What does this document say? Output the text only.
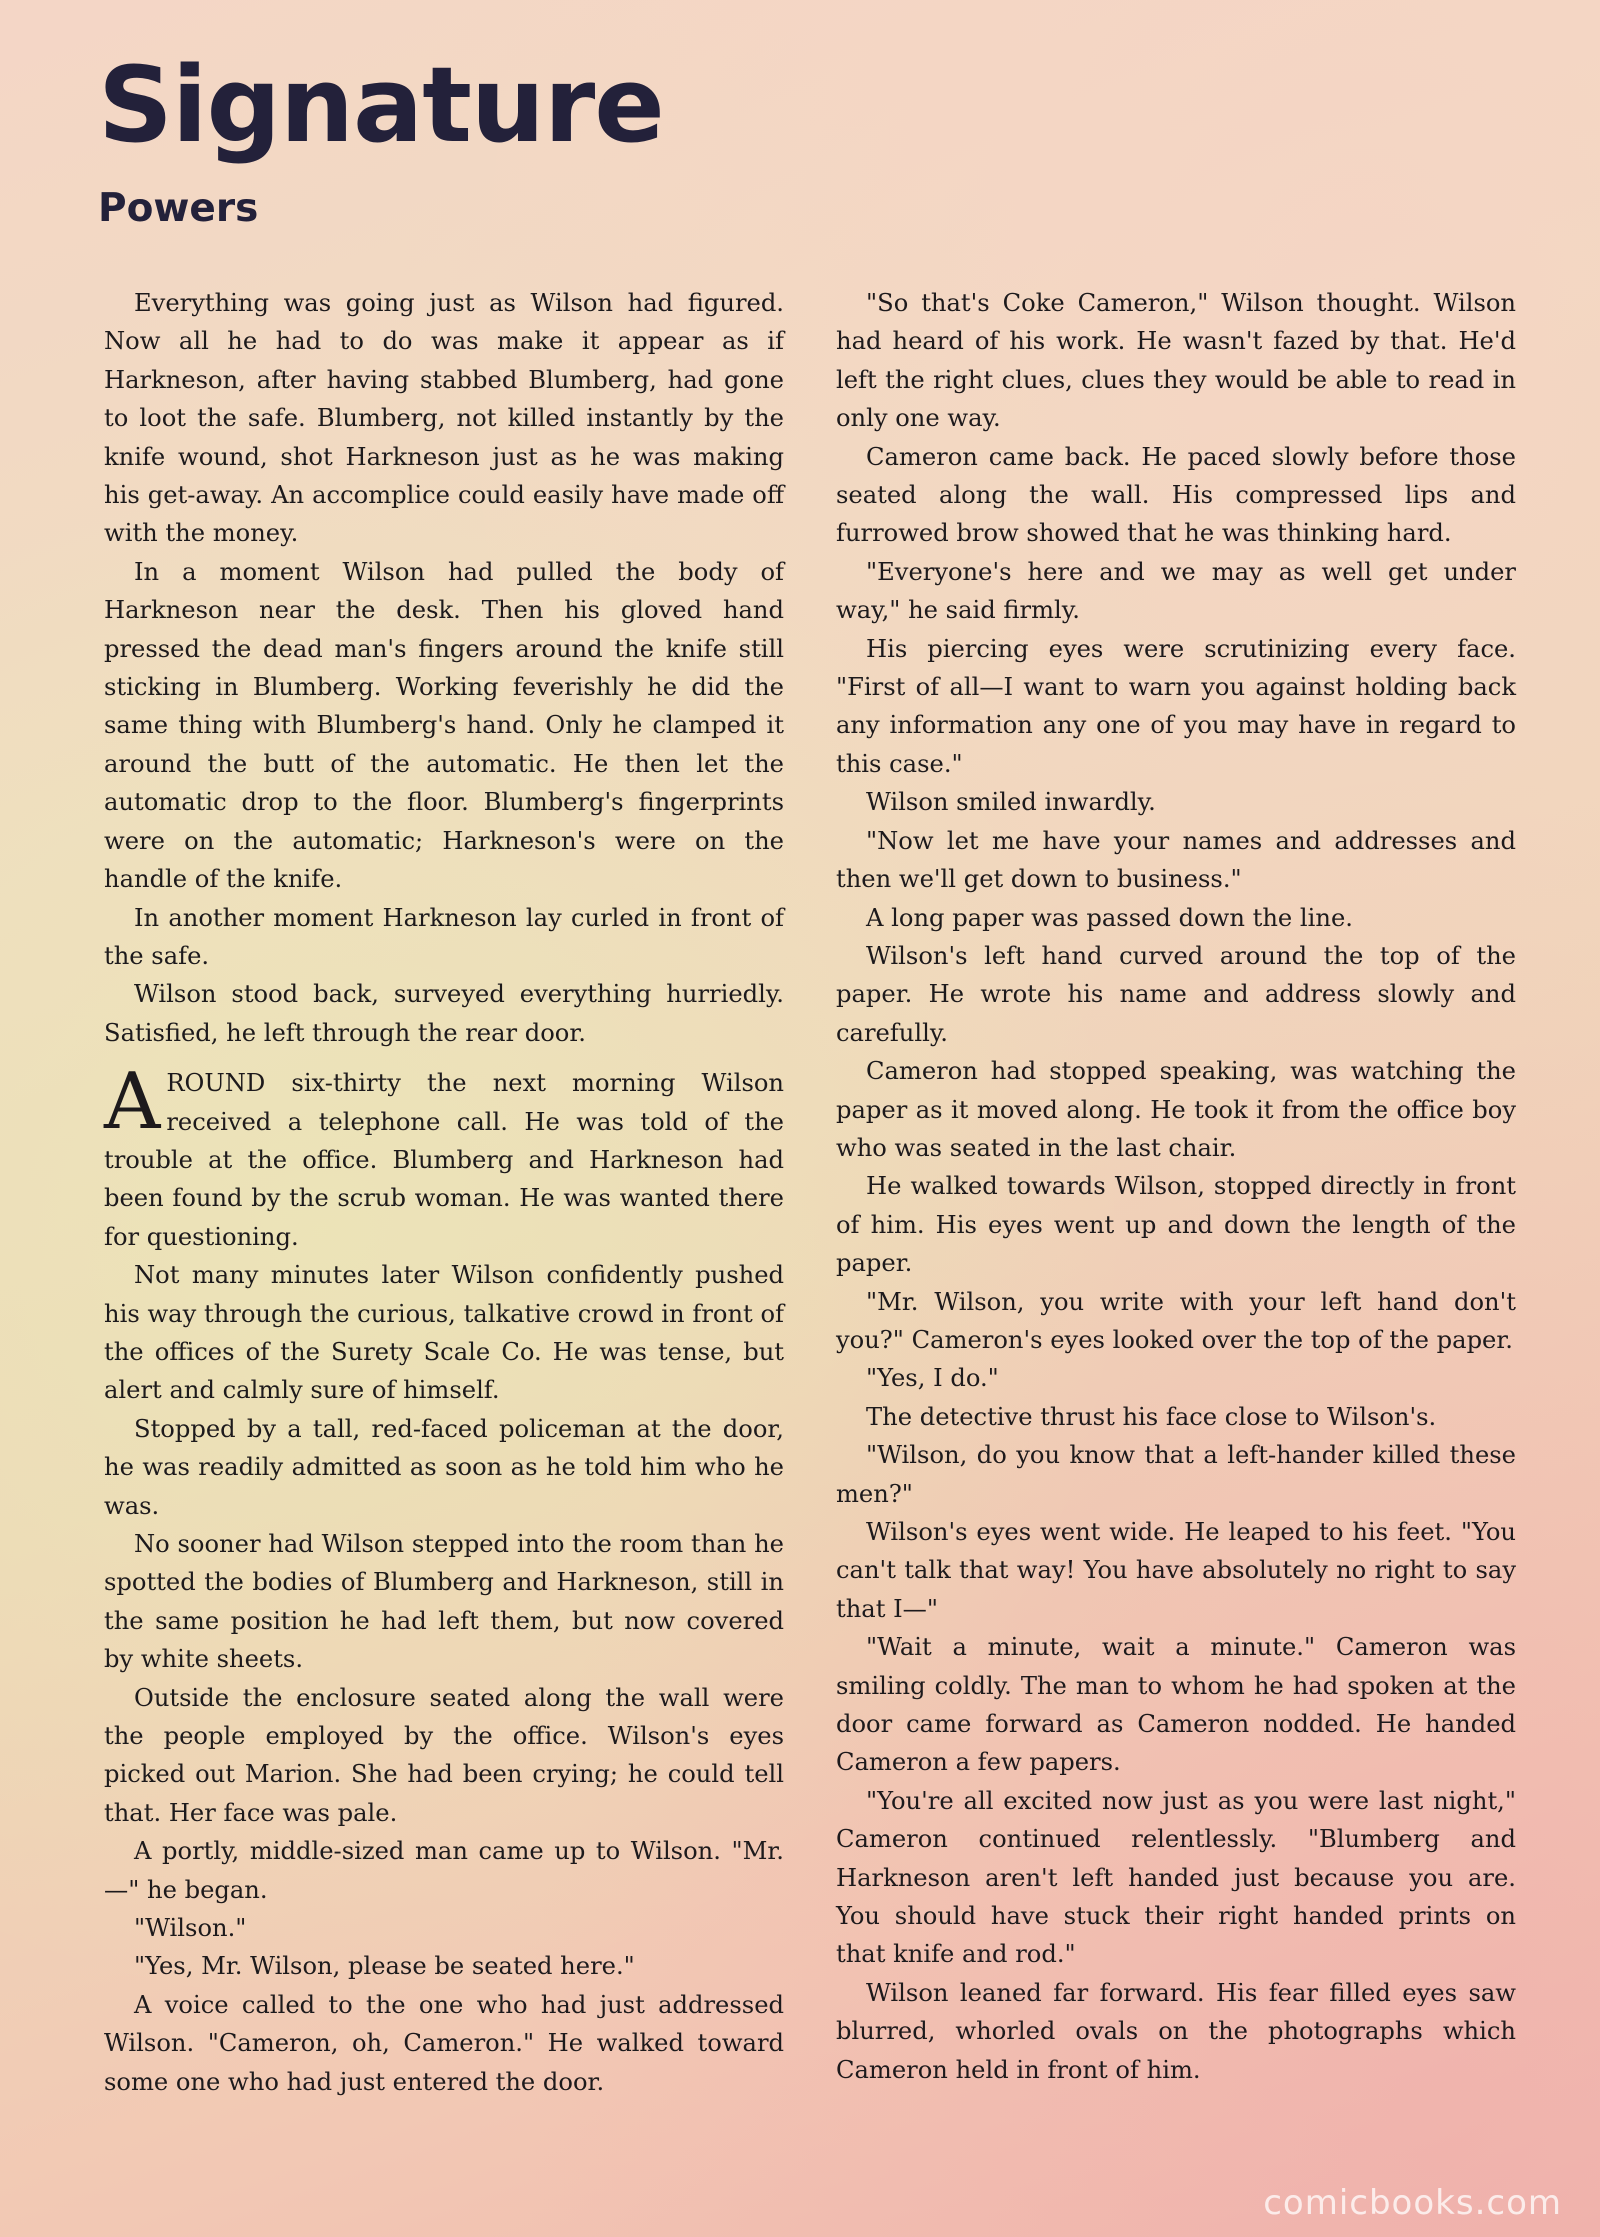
Signature
Powers

Everything was going just as Wilson had figured. Now all he had to do was make it appear as if Harkneson, after having stabbed Blumberg, had gone to loot the safe. Blumberg, not killed instantly by the knife wound, shot Harkneson just as he was making his get-away. An accomplice could easily have made off with the money.

In a moment Wilson had pulled the body of Harkneson near the desk. Then his gloved hand pressed the dead man's fingers around the knife still sticking in Blumberg. Working feverishly he did the same thing with Blumberg's hand. Only he clamped it around the butt of the automatic. He then let the automatic drop to the floor. Blumberg's fingerprints were on the automatic; Harkneson's were on the handle of the knife.

In another moment Harkneson lay curled in front of the safe.

Wilson stood back, surveyed everything hurriedly. Satisfied, he left through the rear door.

AROUND six-thirty the next morning Wilson received a telephone call. He was told of the trouble at the office. Blumberg and Harkneson had been found by the scrub woman. He was wanted there for questioning.

Not many minutes later Wilson confidently pushed his way through the curious, talkative crowd in front of the offices of the Surety Scale Co. He was tense, but alert and calmly sure of himself.

Stopped by a tall, red-faced policeman at the door, he was readily admitted as soon as he told him who he was.

No sooner had Wilson stepped into the room than he spotted the bodies of Blumberg and Harkneson, still in the same position he had left them, but now covered by white sheets.

Outside the enclosure seated along the wall were the people employed by the office. Wilson's eyes picked out Marion. She had been crying; he could tell that. Her face was pale.

A portly, middle-sized man came up to Wilson. "Mr.—" he began.

"Wilson."

"Yes, Mr. Wilson, please be seated here."

A voice called to the one who had just addressed Wilson. "Cameron, oh, Cameron." He walked toward some one who had just entered the door.

"So that's Coke Cameron," Wilson thought. Wilson had heard of his work. He wasn't fazed by that. He'd left the right clues, clues they would be able to read in only one way.

Cameron came back. He paced slowly before those seated along the wall. His compressed lips and furrowed brow showed that he was thinking hard.

"Everyone's here and we may as well get under way," he said firmly.

His piercing eyes were scrutinizing every face. "First of all—I want to warn you against holding back any information any one of you may have in regard to this case."

Wilson smiled inwardly.

"Now let me have your names and addresses and then we'll get down to business."

A long paper was passed down the line.

Wilson's left hand curved around the top of the paper. He wrote his name and address slowly and carefully.

Cameron had stopped speaking, was watching the paper as it moved along. He took it from the office boy who was seated in the last chair.

He walked towards Wilson, stopped directly in front of him. His eyes went up and down the length of the paper.

"Mr. Wilson, you write with your left hand don't you?" Cameron's eyes looked over the top of the paper.

"Yes, I do."

The detective thrust his face close to Wilson's.

"Wilson, do you know that a left-hander killed these men?"

Wilson's eyes went wide. He leaped to his feet. "You can't talk that way! You have absolutely no right to say that I—"

"Wait a minute, wait a minute." Cameron was smiling coldly. The man to whom he had spoken at the door came forward as Cameron nodded. He handed Cameron a few papers.

"You're all excited now just as you were last night," Cameron continued relentlessly. "Blumberg and Harkneson aren't left handed just because you are. You should have stuck their right handed prints on that knife and rod."

Wilson leaned far forward. His fear filled eyes saw blurred, whorled ovals on the photographs which Cameron held in front of him.

comicbooks.com
